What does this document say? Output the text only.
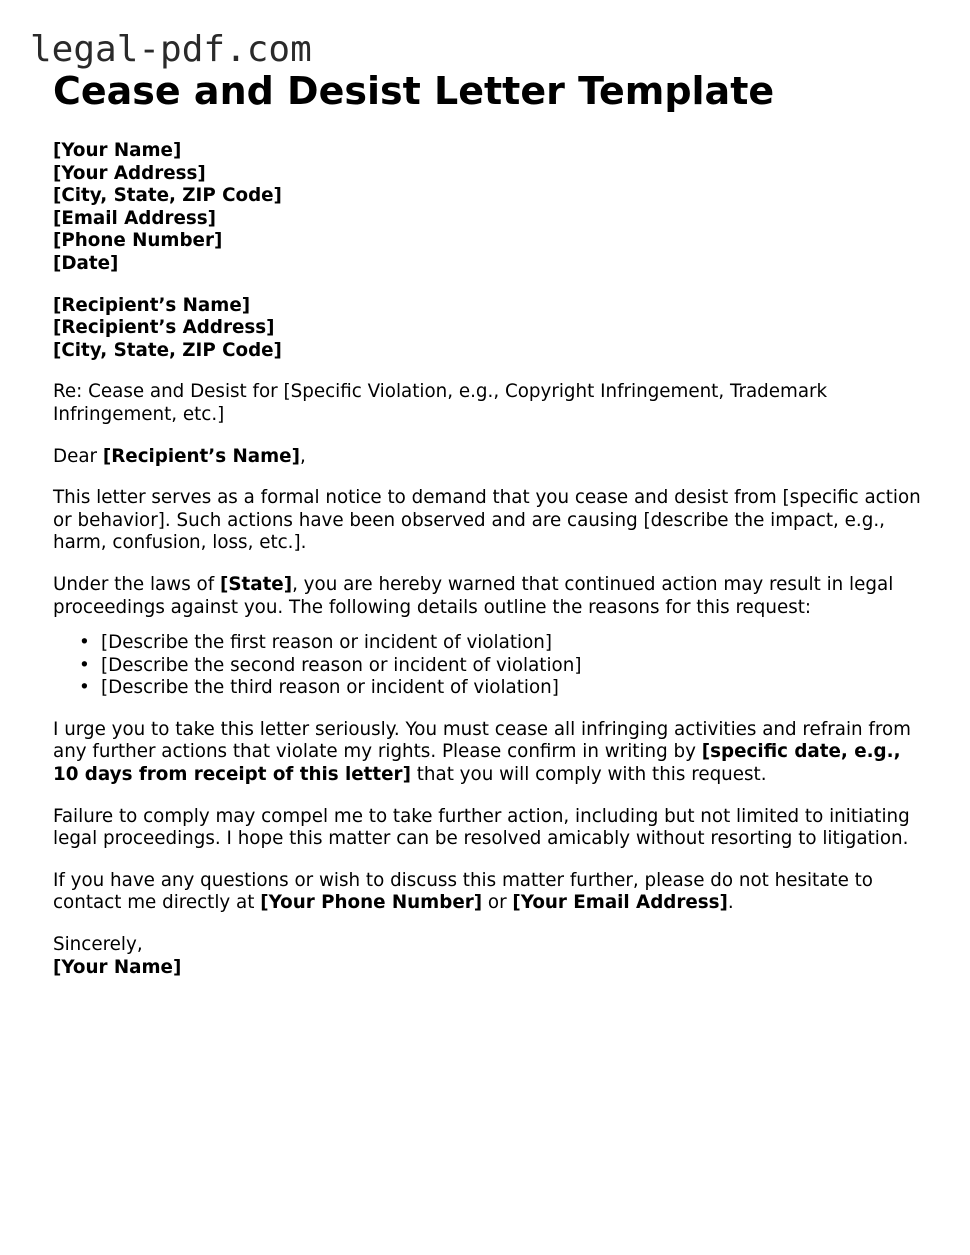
legal-pdf.com
Cease and Desist Letter Template
[Your Name]
[Your Address]
[City, State, ZIP Code]
[Email Address]
[Phone Number]
[Date]
[Recipient’s Name]
[Recipient’s Address]
[City, State, ZIP Code]

Re: Cease and Desist for [Specific Violation, e.g., Copyright Infringement, Trademark Infringement, etc.]

Dear [Recipient’s Name],

This letter serves as a formal notice to demand that you cease and desist from [specific action or behavior]. Such actions have been observed and are causing [describe the impact, e.g., harm, confusion, loss, etc.].

Under the laws of [State], you are hereby warned that continued action may result in legal proceedings against you. The following details outline the reasons for this request:

• [Describe the first reason or incident of violation]
• [Describe the second reason or incident of violation]
• [Describe the third reason or incident of violation]

I urge you to take this letter seriously. You must cease all infringing activities and refrain from any further actions that violate my rights. Please confirm in writing by [specific date, e.g., 10 days from receipt of this letter] that you will comply with this request.

Failure to comply may compel me to take further action, including but not limited to initiating legal proceedings. I hope this matter can be resolved amicably without resorting to litigation.

If you have any questions or wish to discuss this matter further, please do not hesitate to contact me directly at [Your Phone Number] or [Your Email Address].

Sincerely,
[Your Name]
